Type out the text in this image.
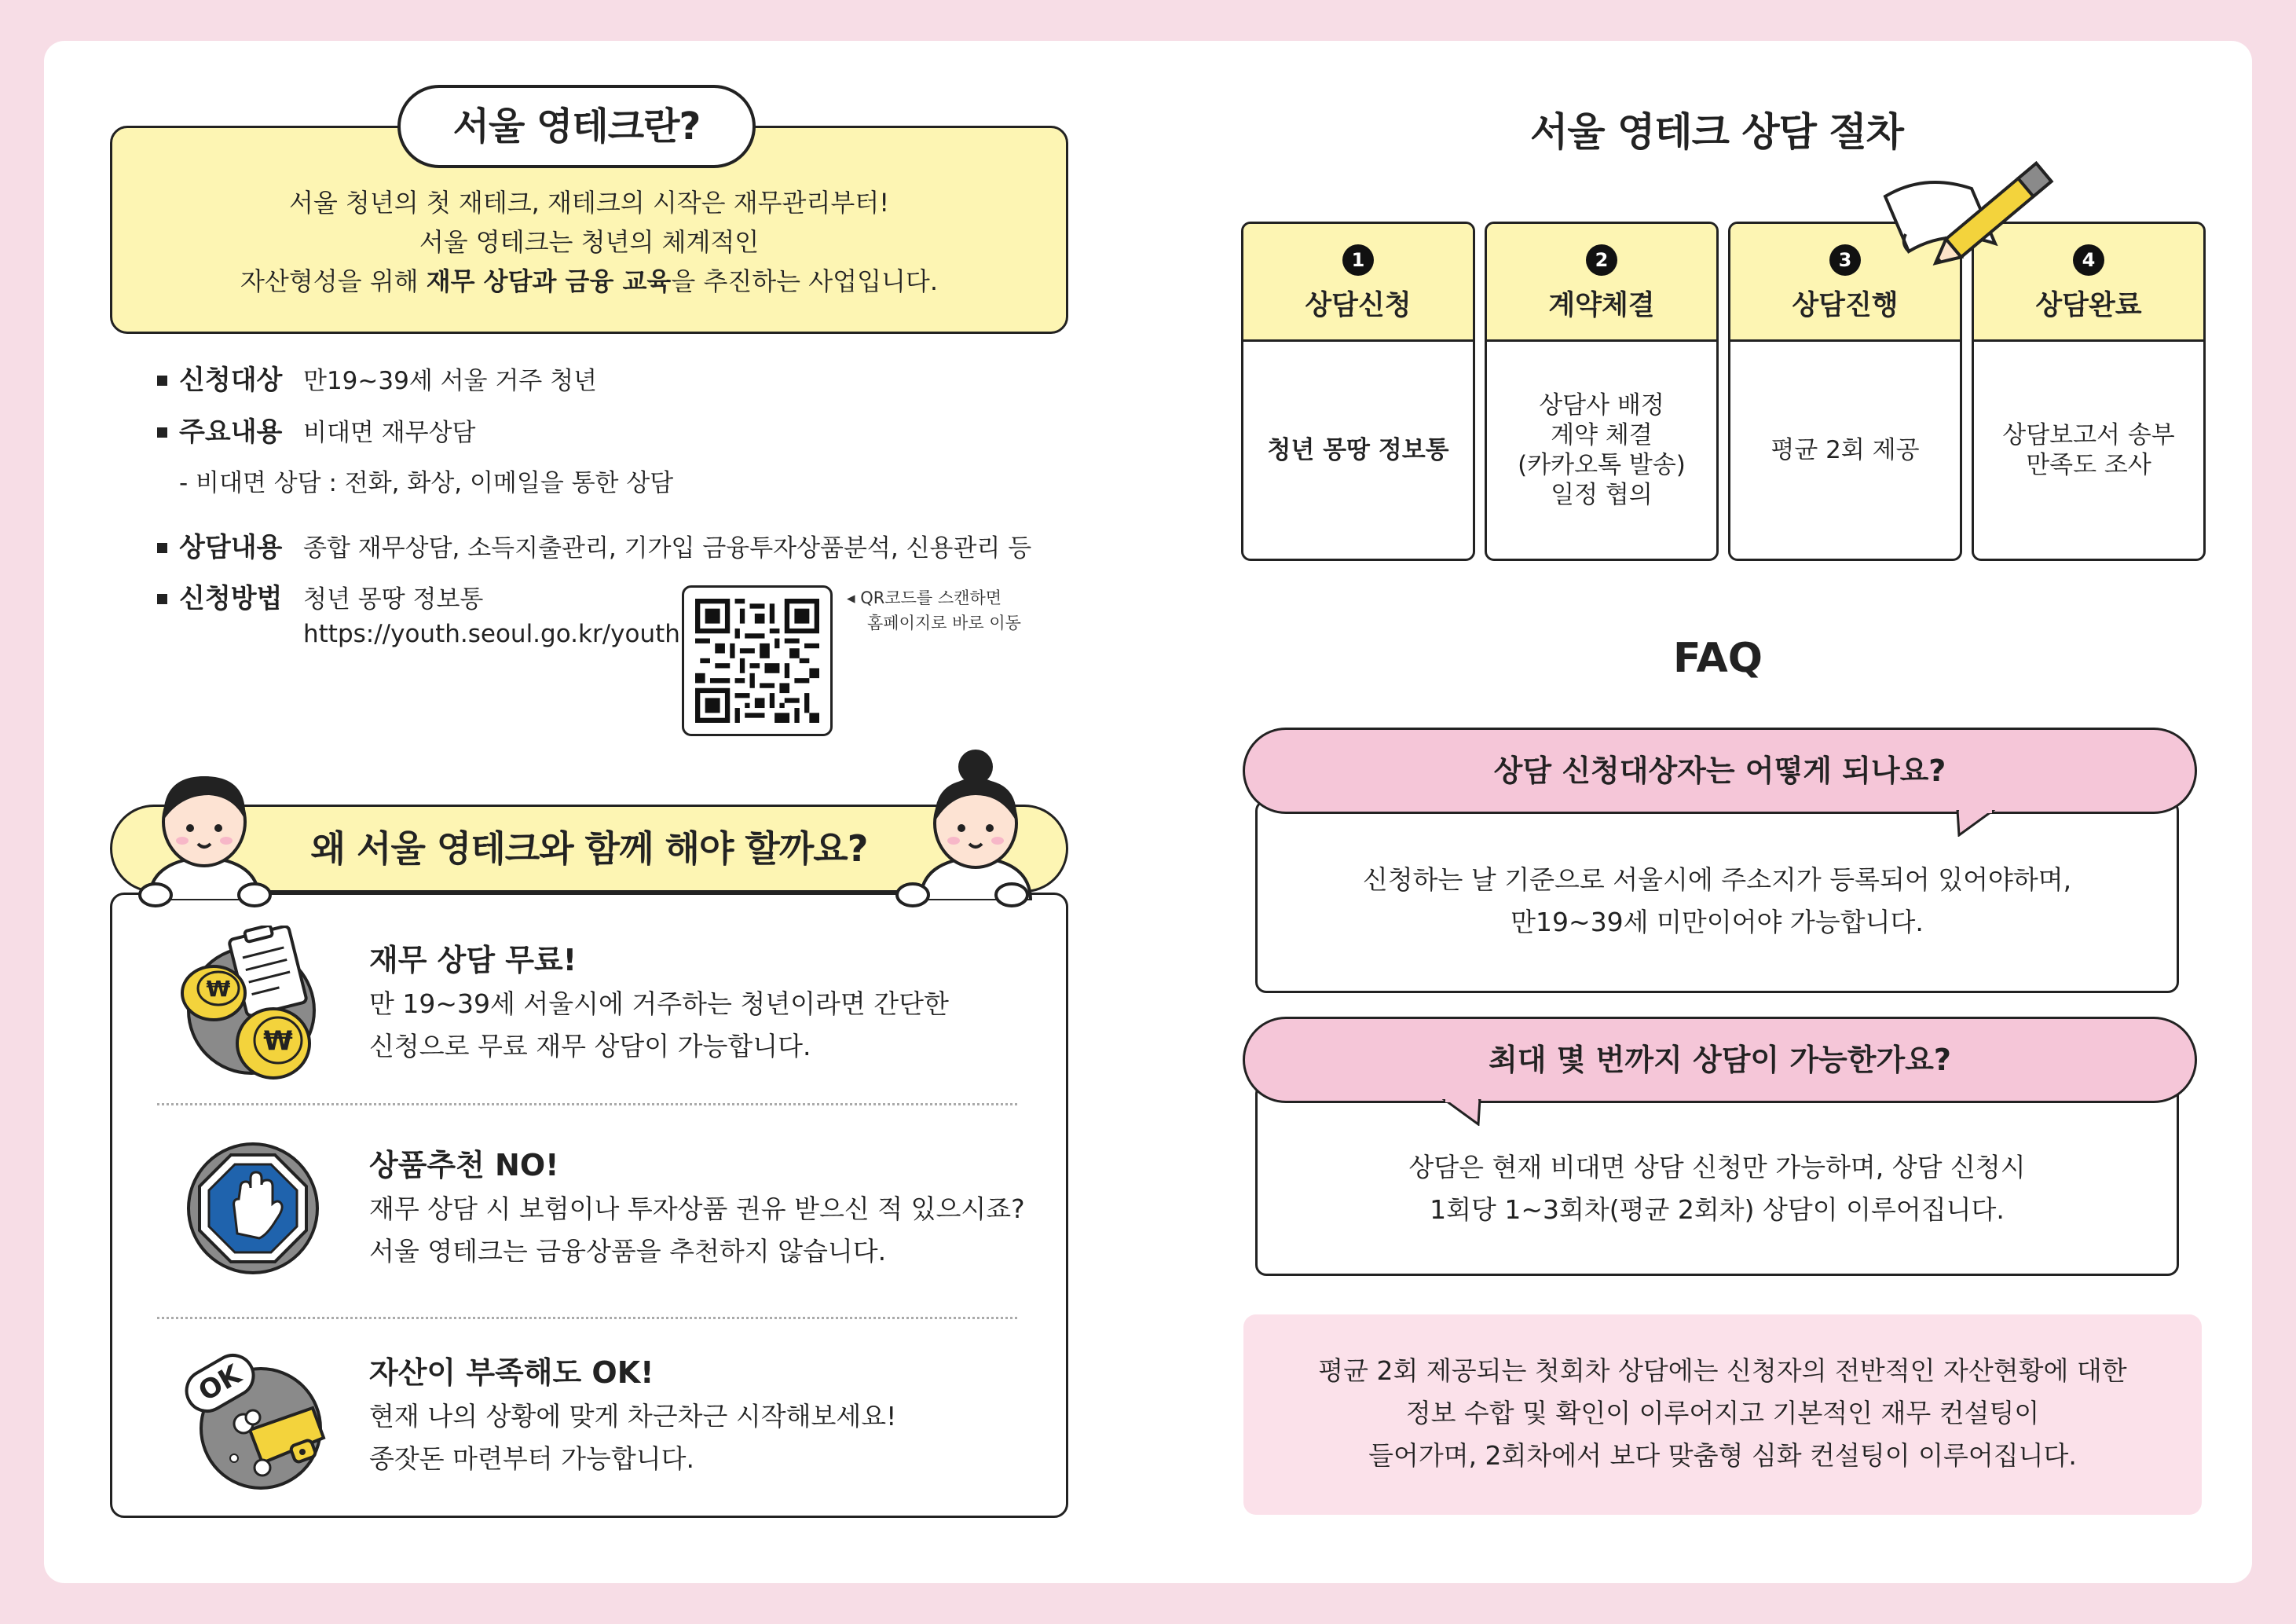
서울 청년의 첫 재테크, 재테크의 시작은 재무관리부터!
서울 영테크는 청년의 체계적인
자산형성을 위해 재무 상담과 금융 교육을 추진하는 사업입니다.
서울 영테크란?
신청대상 만19~39세 서울 거주 청년
주요내용 비대면 재무상담
- 비대면 상담 : 전화, 화상, 이메일을 통한 상담
상담내용 종합 재무상담, 소득지출관리, 기가입 금융투자상품분석, 신용관리 등
신청방법 청년 몽땅 정보통
https://youth.seoul.go.kr/youth
◂ QR코드를 스캔하면
홈페이지로 바로 이동
왜 서울 영테크와 함께 해야 할까요?
₩
₩
재무 상담 무료!
만 19~39세 서울시에 거주하는 청년이라면 간단한
신청으로 무료 재무 상담이 가능합니다.
상품추천 NO!
재무 상담 시 보험이나 투자상품 권유 받으신 적 있으시죠?
서울 영테크는 금융상품을 추천하지 않습니다.
OK	자산이 부족해도 OK!
현재 나의 상황에 맞게 차근차근 시작해보세요!
종잣돈 마련부터 가능합니다.
서울 영테크 상담 절차
1
상담신청
청년 몽땅 정보통
2
계약체결
상담사 배정
계약 체결
(카카오톡 발송)
일정 협의
3
상담진행
평균 2회 제공
4
상담완료
상담보고서 송부
만족도 조사
FAQ
신청하는 날 기준으로 서울시에 주소지가 등록되어 있어야하며,
만19~39세 미만이어야 가능합니다.
상담 신청대상자는 어떻게 되나요?
상담은 현재 비대면 상담 신청만 가능하며, 상담 신청시
1회당 1~3회차(평균 2회차) 상담이 이루어집니다.
최대 몇 번까지 상담이 가능한가요?
평균 2회 제공되는 첫회차 상담에는 신청자의 전반적인 자산현황에 대한
정보 수합 및 확인이 이루어지고 기본적인 재무 컨설팅이
들어가며, 2회차에서 보다 맞춤형 심화 컨설팅이 이루어집니다.
